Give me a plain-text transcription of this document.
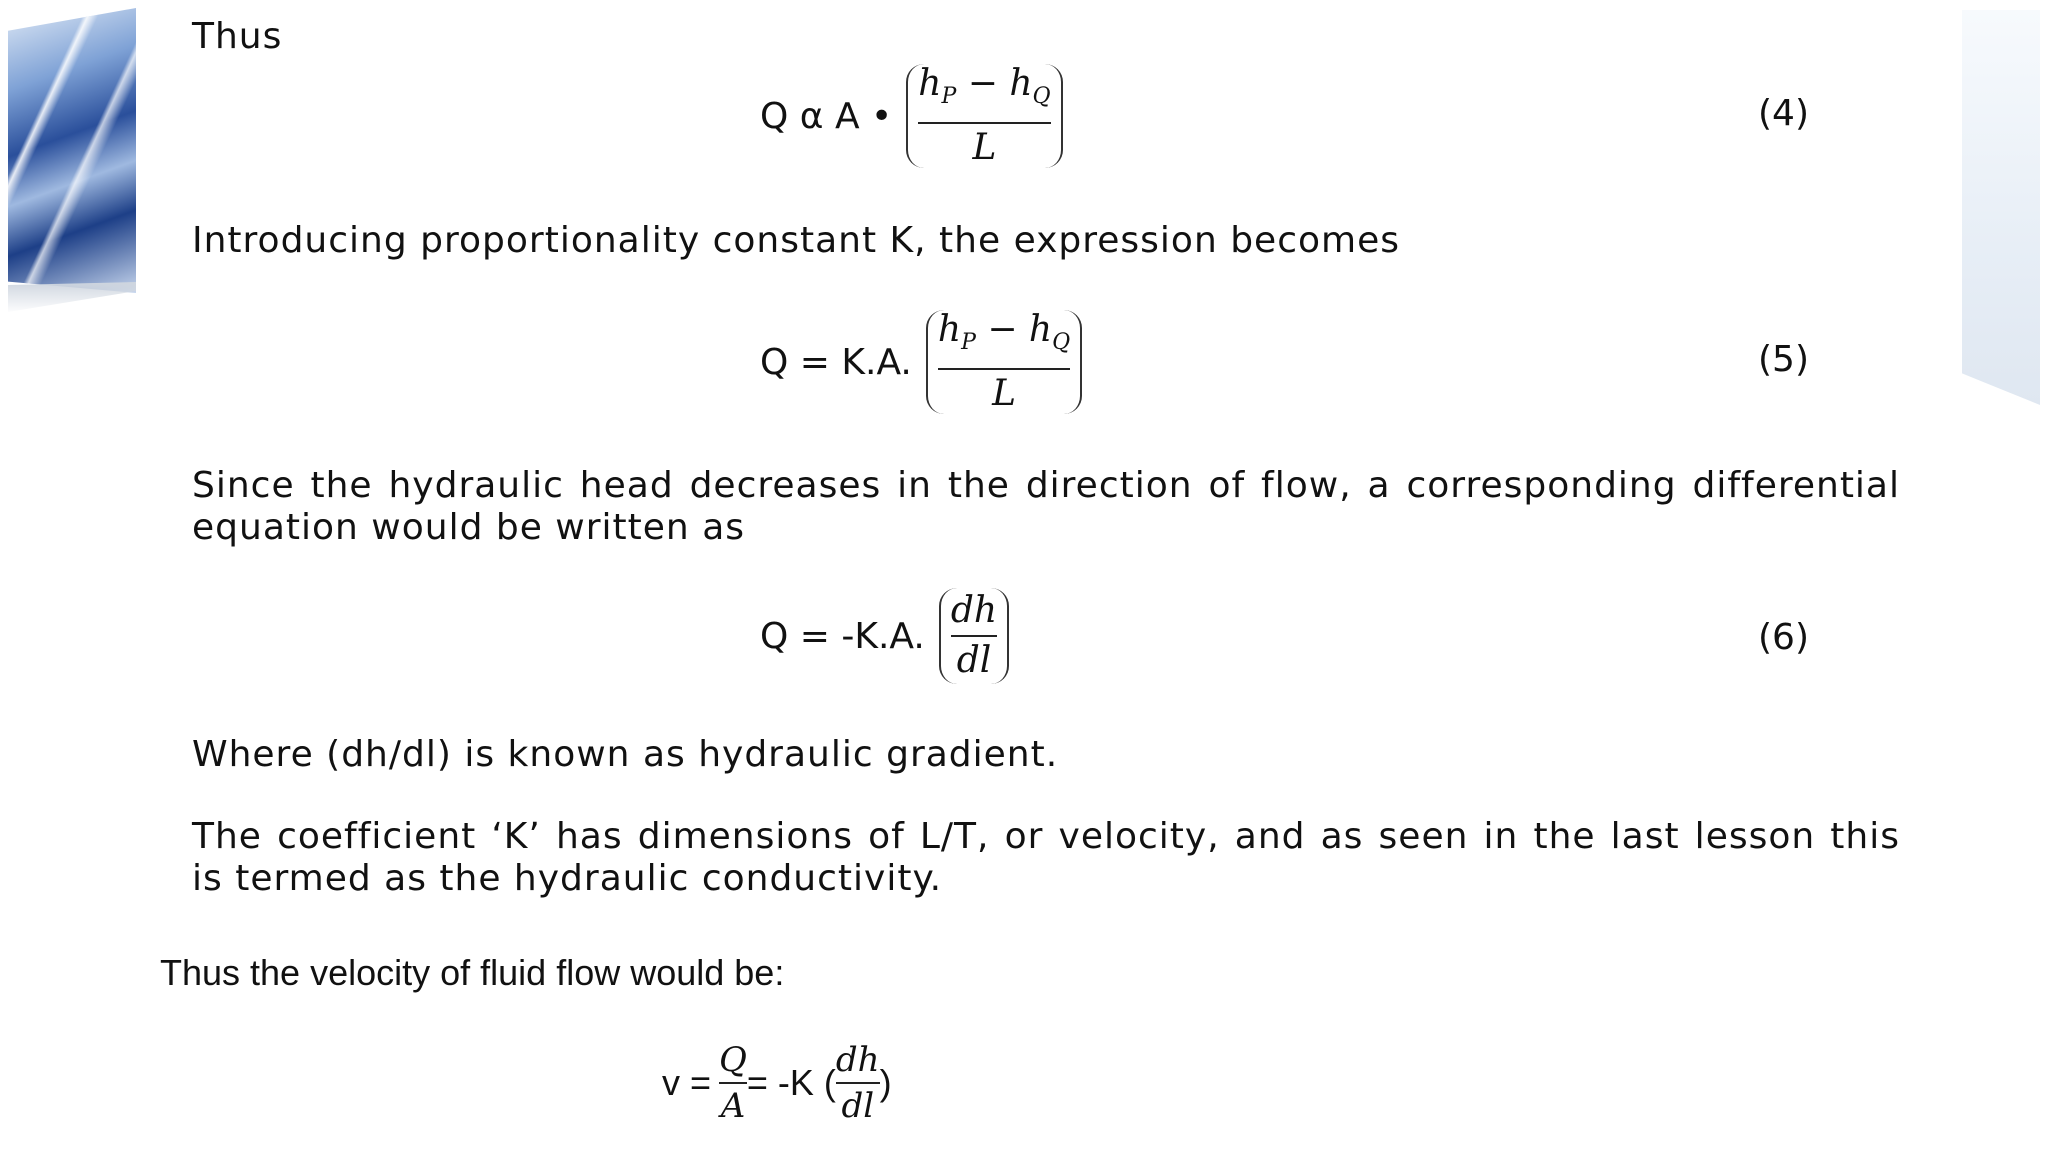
Thus
Q α A • $\frac{h_P - h_Q}{L}$	(4)
Introducing proportionality constant K, the expression becomes
Q = K.A. $\frac{h_P - h_Q}{L}$	(5)
Since the hydraulic head decreases in the direction of flow, a corresponding differential equation would be written as
Q = -K.A. $\frac{dh}{dl}$	(6)
Where (dh/dl) is known as hydraulic gradient.
The coefficient ‘K’ has dimensions of L/T, or velocity, and as seen in the last lesson this is termed as the hydraulic conductivity.
Thus the velocity of fluid flow would be:
$v = \frac{Q}{A} = -K$ ( $\frac{dh}{dl}$ )
